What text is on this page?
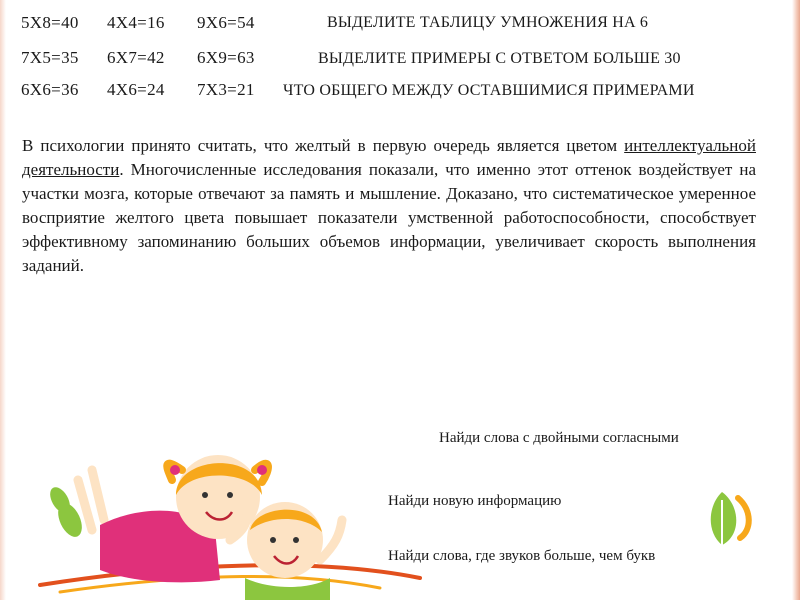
5X8=40 4X4=16 9X6=54
7X5=35 6X7=42 6X9=63
6X6=36 4X6=24 7X3=21
ВЫДЕЛИТЕ ТАБЛИЦУ УМНОЖЕНИЯ НА 6
ВЫДЕЛИТЕ ПРИМЕРЫ С ОТВЕТОМ БОЛЬШЕ 30
ЧТО ОБЩЕГО МЕЖДУ ОСТАВШИМИСЯ ПРИМЕРАМИ
В психологии принято считать, что желтый в первую очередь является цветом интеллектуальной деятельности. Многочисленные исследования показали, что именно этот оттенок воздействует на участки мозга, которые отвечают за память и мышление. Доказано, что систематическое умеренное восприятие желтого цвета повышает показатели умственной работоспособности, способствует эффективному запоминанию больших объемов информации, увеличивает скорость выполнения заданий.
Найди слова с двойными согласными
Найди новую информацию
Найди слова, где звуков больше, чем букв
